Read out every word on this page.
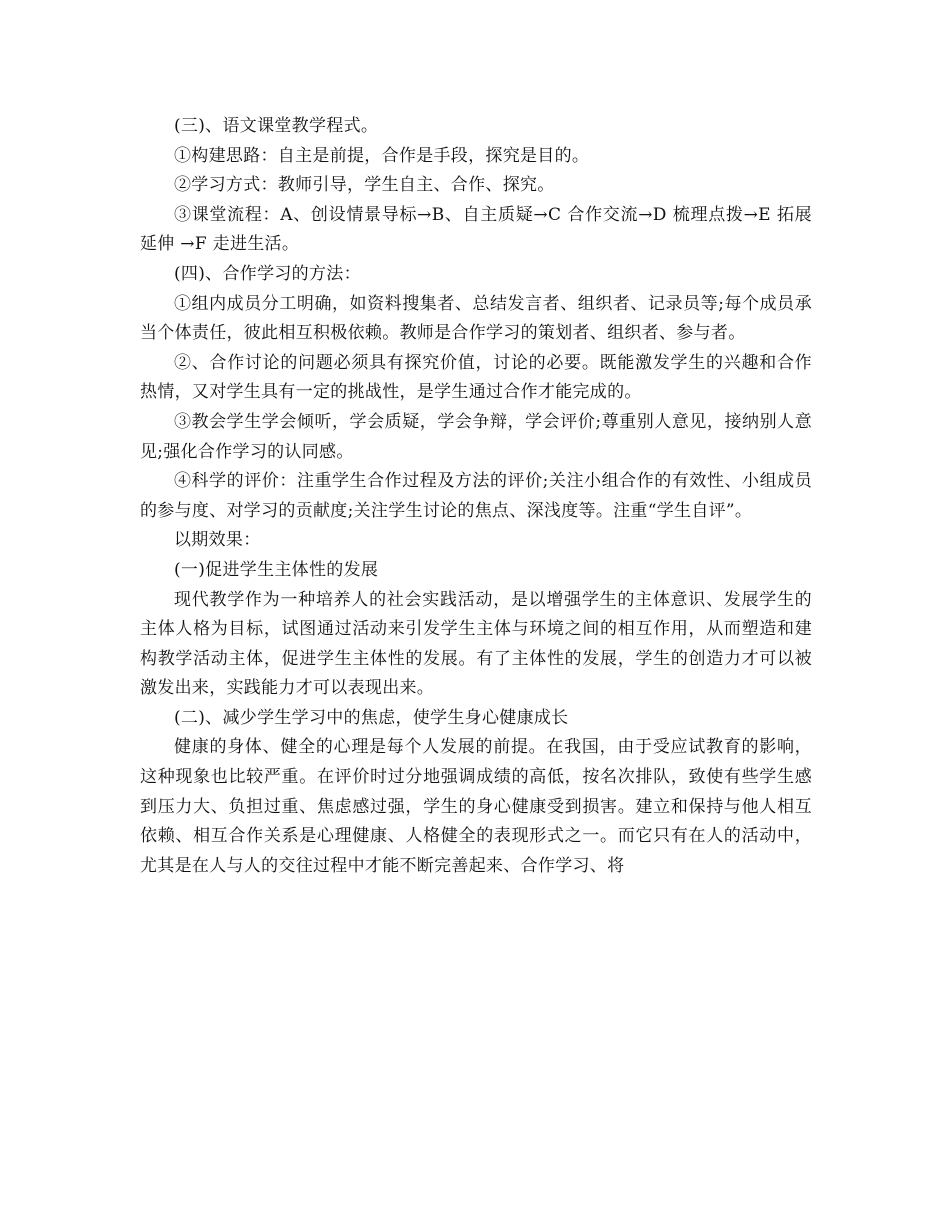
(三)、语文课堂教学程式。

①构建思路：自主是前提，合作是手段，探究是目的。

②学习方式：教师引导，学生自主、合作、探究。

③课堂流程：A、创设情景导标→B、自主质疑→C 合作交流→D 梳理点拨→E 拓展延伸 →F 走进生活。

(四)、合作学习的方法：

①组内成员分工明确，如资料搜集者、总结发言者、组织者、记录员等;每个成员承当个体责任，彼此相互积极依赖。教师是合作学习的策划者、组织者、参与者。

②、合作讨论的问题必须具有探究价值，讨论的必要。既能激发学生的兴趣和合作热情，又对学生具有一定的挑战性，是学生通过合作才能完成的。

③教会学生学会倾听，学会质疑，学会争辩，学会评价;尊重别人意见，接纳别人意见;强化合作学习的认同感。

④科学的评价：注重学生合作过程及方法的评价;关注小组合作的有效性、小组成员的参与度、对学习的贡献度;关注学生讨论的焦点、深浅度等。注重“学生自评”。

以期效果：

(一)促进学生主体性的发展

现代教学作为一种培养人的社会实践活动，是以增强学生的主体意识、发展学生的主体人格为目标，试图通过活动来引发学生主体与环境之间的相互作用，从而塑造和建构教学活动主体，促进学生主体性的发展。有了主体性的发展，学生的创造力才可以被激发出来，实践能力才可以表现出来。

(二)、减少学生学习中的焦虑，使学生身心健康成长

健康的身体、健全的心理是每个人发展的前提。在我国，由于受应试教育的影响，这种现象也比较严重。在评价时过分地强调成绩的高低，按名次排队，致使有些学生感到压力大、负担过重、焦虑感过强，学生的身心健康受到损害。建立和保持与他人相互依赖、相互合作关系是心理健康、人格健全的表现形式之一。而它只有在人的活动中，尤其是在人与人的交往过程中才能不断完善起来、合作学习、将
